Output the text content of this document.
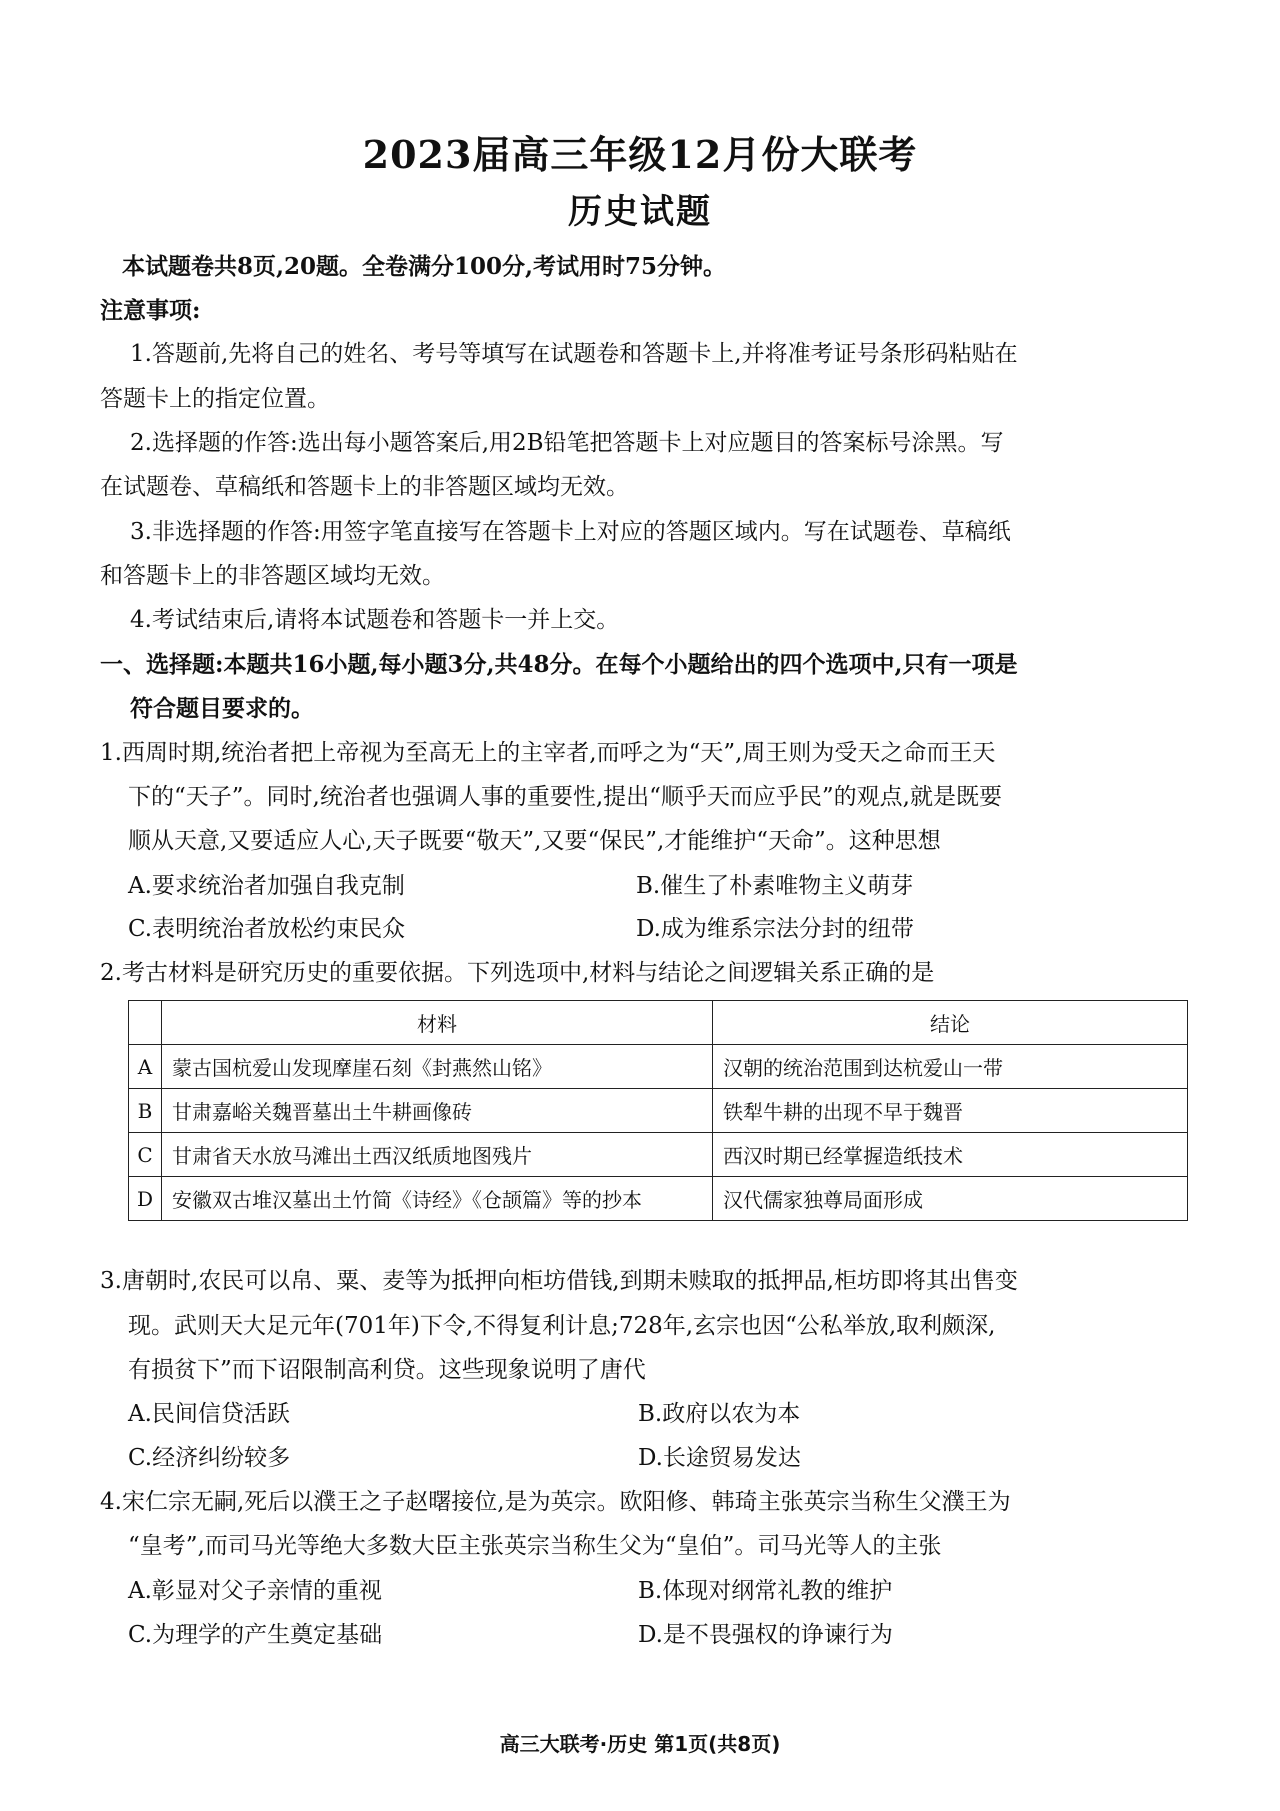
2023届高三年级12月份大联考
历史试题
本试题卷共8页,20题。全卷满分100分,考试用时75分钟。
注意事项:
1.答题前,先将自己的姓名、考号等填写在试题卷和答题卡上,并将准考证号条形码粘贴在
答题卡上的指定位置。
2.选择题的作答:选出每小题答案后,用2B铅笔把答题卡上对应题目的答案标号涂黑。写
在试题卷、草稿纸和答题卡上的非答题区域均无效。
3.非选择题的作答:用签字笔直接写在答题卡上对应的答题区域内。写在试题卷、草稿纸
和答题卡上的非答题区域均无效。
4.考试结束后,请将本试题卷和答题卡一并上交。
一、选择题:本题共16小题,每小题3分,共48分。在每个小题给出的四个选项中,只有一项是
符合题目要求的。
1.西周时期,统治者把上帝视为至高无上的主宰者,而呼之为“天”,周王则为受天之命而王天
下的“天子”。同时,统治者也强调人事的重要性,提出“顺乎天而应乎民”的观点,就是既要
顺从天意,又要适应人心,天子既要“敬天”,又要“保民”,才能维护“天命”。这种思想
A.要求统治者加强自我克制	B.催生了朴素唯物主义萌芽
C.表明统治者放松约束民众	D.成为维系宗法分封的纽带
2.考古材料是研究历史的重要依据。下列选项中,材料与结论之间逻辑关系正确的是
	材料	结论
A	蒙古国杭爱山发现摩崖石刻《封燕然山铭》	汉朝的统治范围到达杭爱山一带
B	甘肃嘉峪关魏晋墓出土牛耕画像砖	铁犁牛耕的出现不早于魏晋
C	甘肃省天水放马滩出土西汉纸质地图残片	西汉时期已经掌握造纸技术
D	安徽双古堆汉墓出土竹简《诗经》《仓颉篇》等的抄本	汉代儒家独尊局面形成
3.唐朝时,农民可以帛、粟、麦等为抵押向柜坊借钱,到期未赎取的抵押品,柜坊即将其出售变
现。武则天大足元年(701年)下令,不得复利计息;728年,玄宗也因“公私举放,取利颇深,
有损贫下”而下诏限制高利贷。这些现象说明了唐代
A.民间信贷活跃	B.政府以农为本
C.经济纠纷较多	D.长途贸易发达
4.宋仁宗无嗣,死后以濮王之子赵曙接位,是为英宗。欧阳修、韩琦主张英宗当称生父濮王为
“皇考”,而司马光等绝大多数大臣主张英宗当称生父为“皇伯”。司马光等人的主张
A.彰显对父子亲情的重视	B.体现对纲常礼教的维护
C.为理学的产生奠定基础	D.是不畏强权的诤谏行为
高三大联考·历史 第1页(共8页)
